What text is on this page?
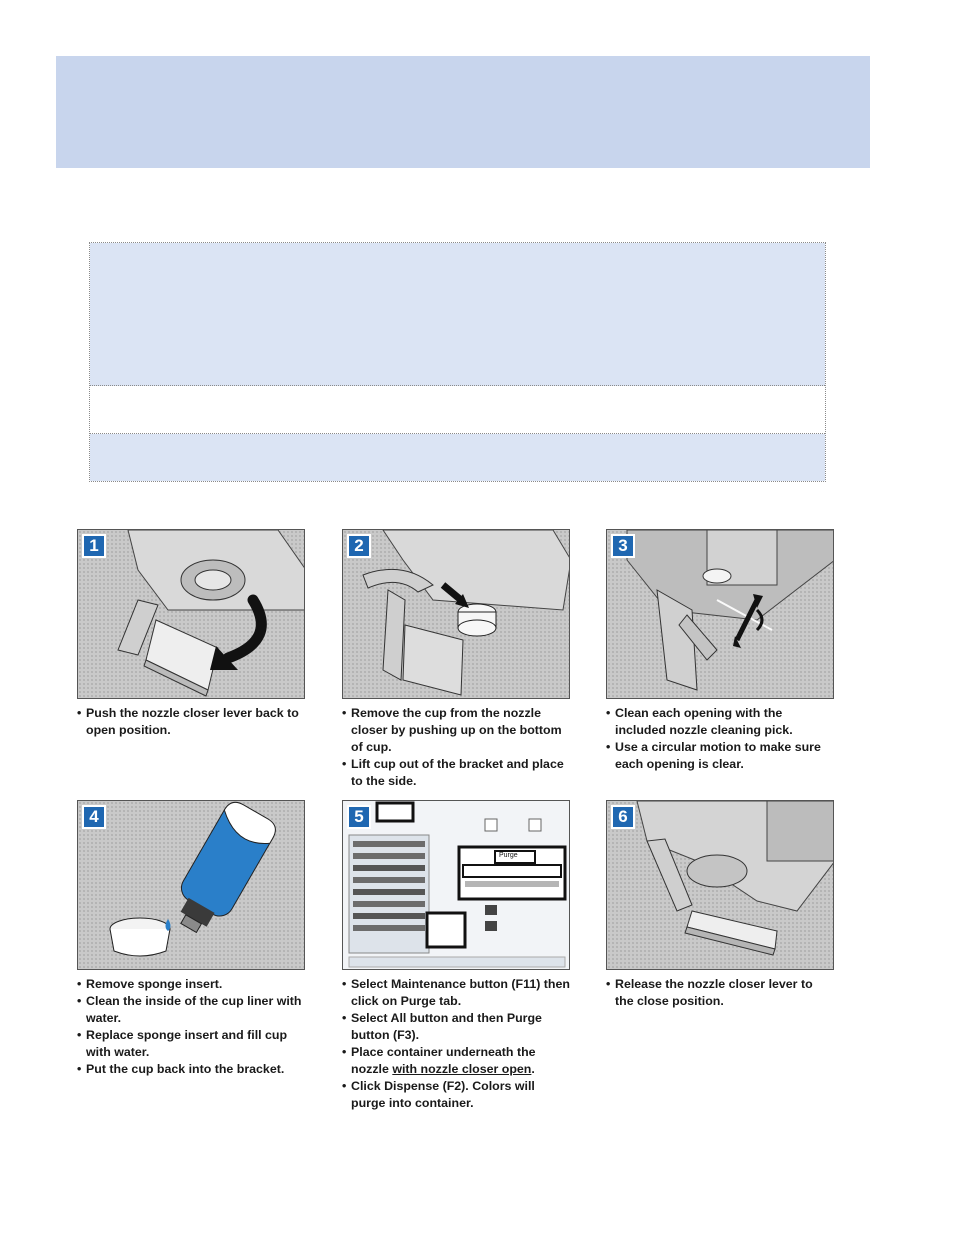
1
• Push the nozzle closer lever back to open position.
2
• Remove the cup from the nozzle closer by pushing up on the bottom of cup.
• Lift cup out of the bracket and place to the side.
3
• Clean each opening with the included nozzle cleaning pick.
• Use a circular motion to make sure each opening is clear.
4
• Remove sponge insert.
• Clean the inside of the cup liner with water.
• Replace sponge insert and fill cup with water.
• Put the cup back into the bracket.
5
Purge
• Select Maintenance button (F11) then click on Purge tab.
• Select All button and then Purge button (F3).
• Place container underneath the nozzle with nozzle closer open.
• Click Dispense (F2). Colors will purge into container.
6
• Release the nozzle closer lever to the close position.
